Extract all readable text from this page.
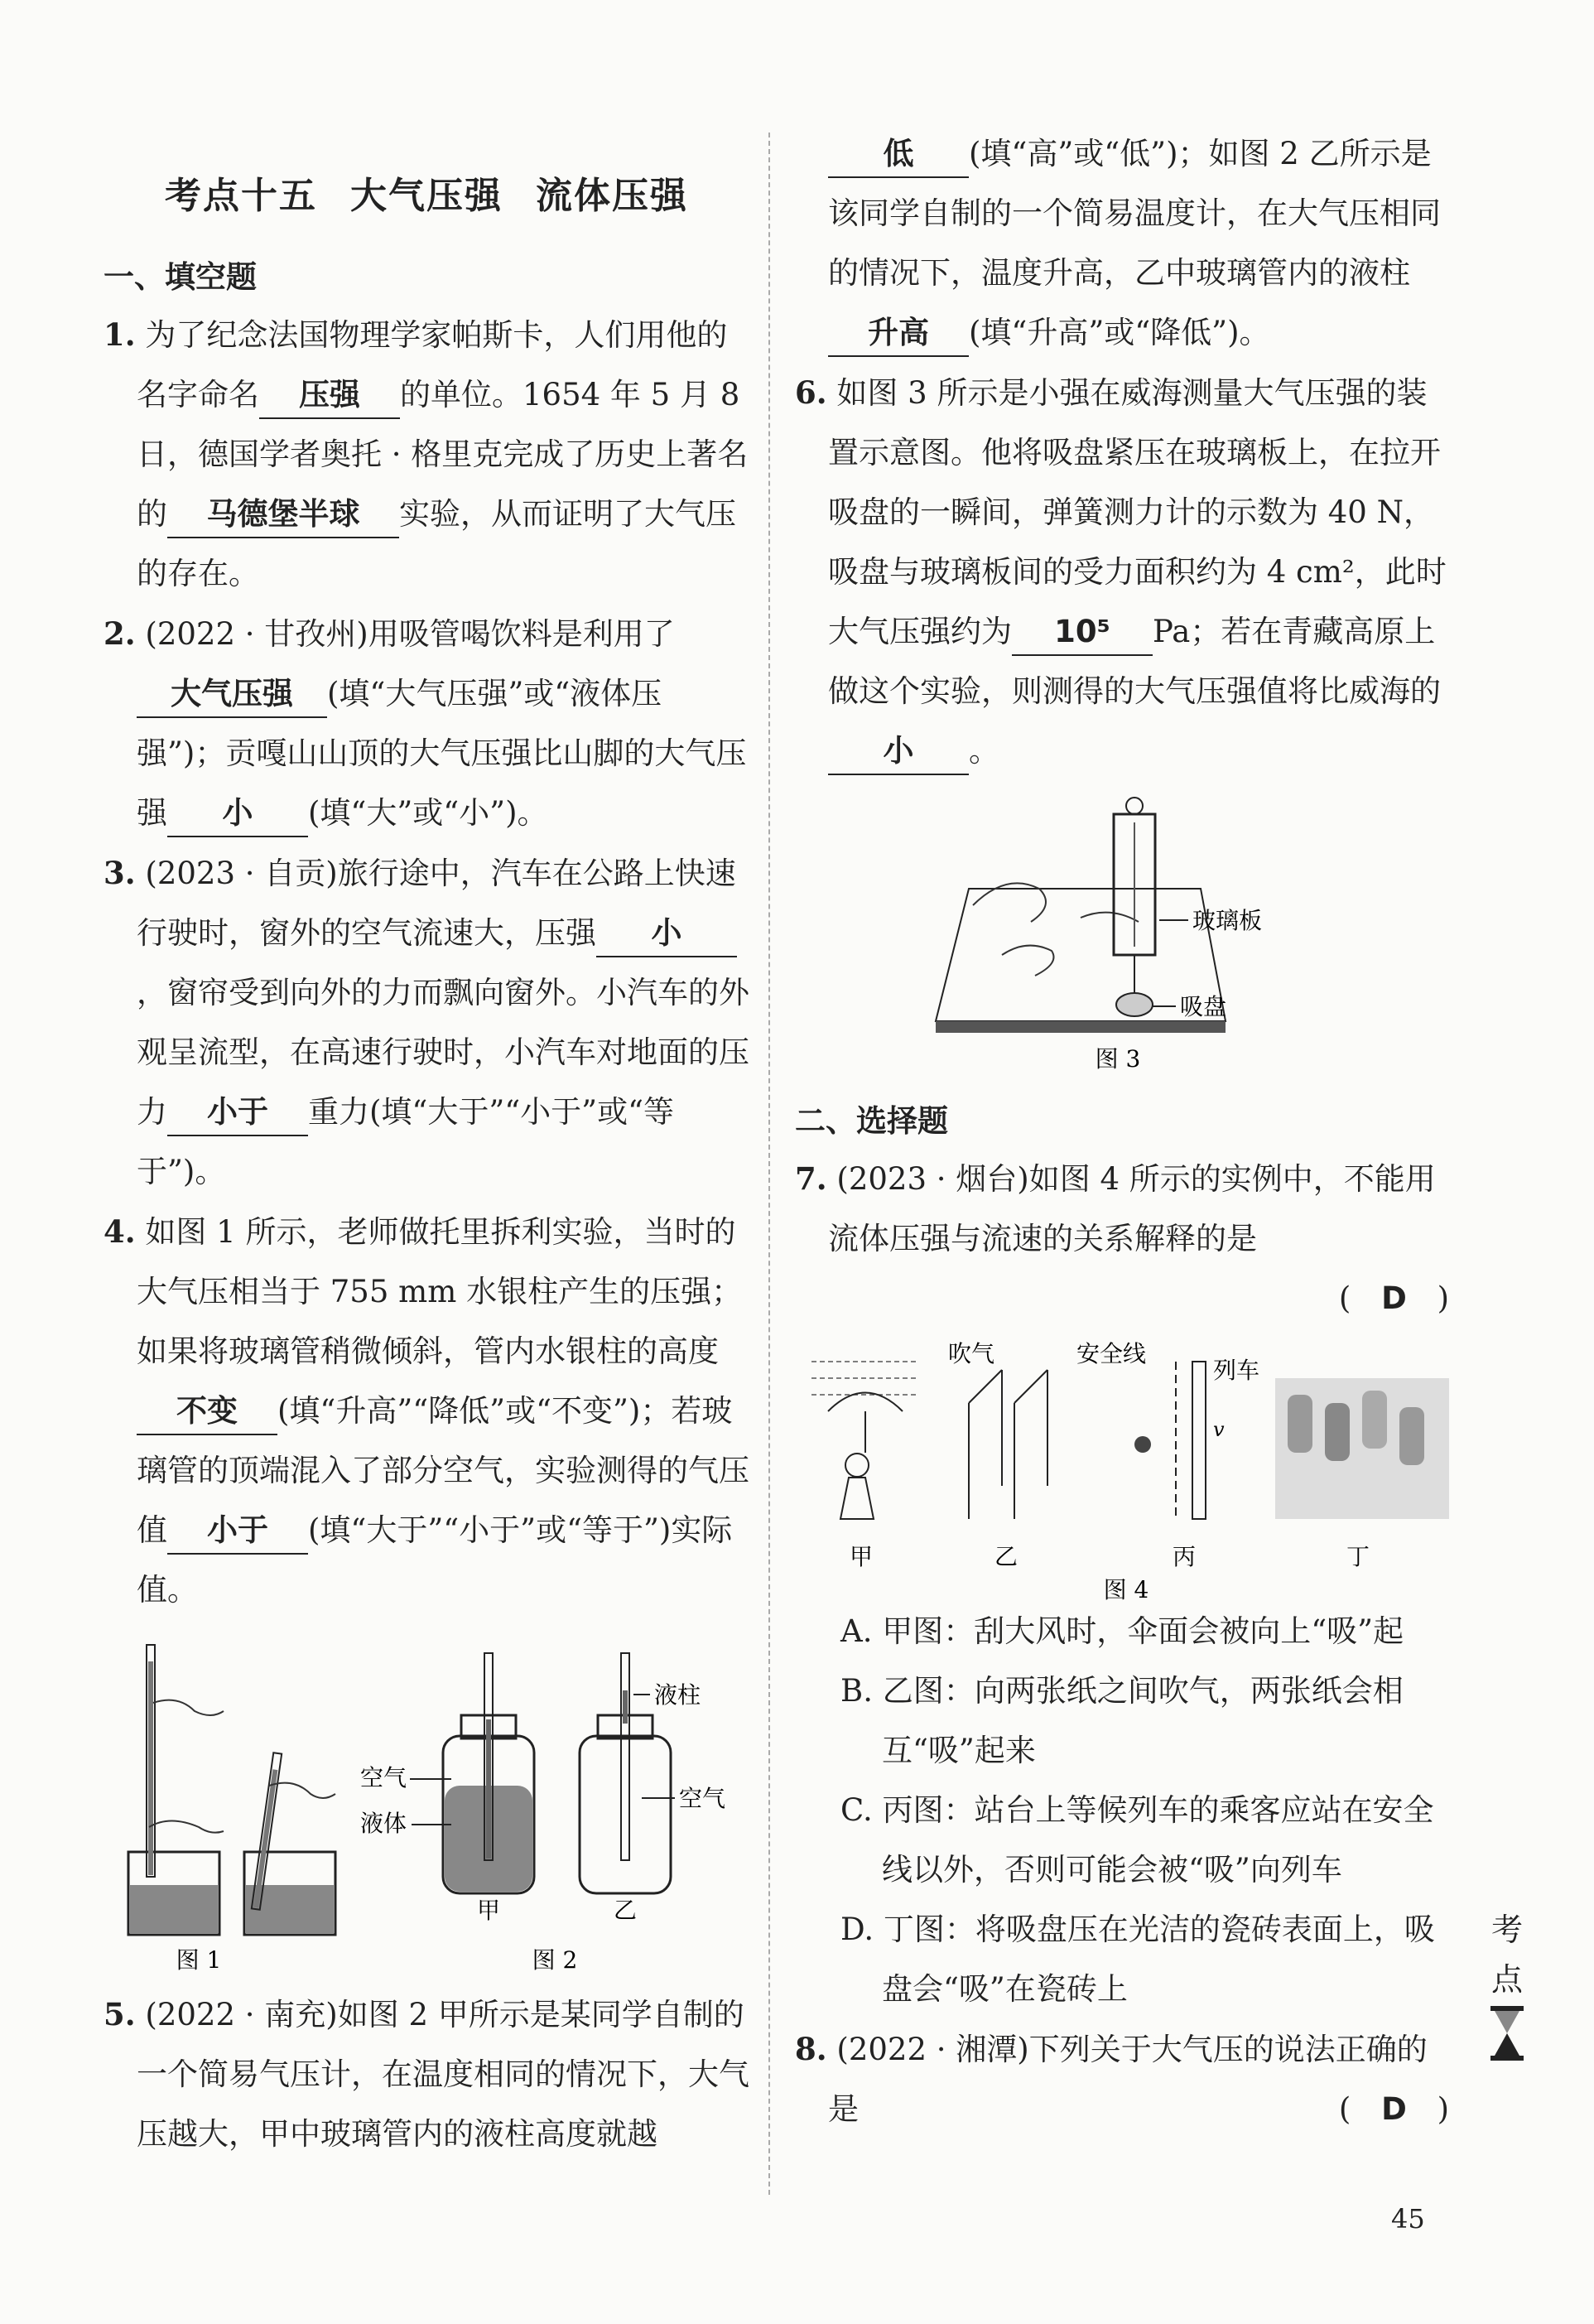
考点十五 大气压强 流体压强
一、填空题

1. 为了纪念法国物理学家帕斯卡，人们用他的名字命名 压强 的单位。1654 年 5 月 8 日，德国学者奥托 · 格里克完成了历史上著名的 马德堡半球 实验，从而证明了大气压的存在。

2. (2022 · 甘孜州)用吸管喝饮料是利用了大气压强 (填“大气压强”或“液体压强”)；贡嘎山山顶的大气压强比山脚的大气压强 小 (填“大”或“小”)。

3. (2023 · 自贡)旅行途中，汽车在公路上快速行驶时，窗外的空气流速大，压强 小，窗帘受到向外的力而飘向窗外。小汽车的外观呈流型，在高速行驶时，小汽车对地面的压力 小于 重力(填“大于”“小于”或“等于”)。

4. 如图 1 所示，老师做托里拆利实验，当时的大气压相当于 755 mm 水银柱产生的压强；如果将玻璃管稍微倾斜，管内水银柱的高度不变 (填“升高”“降低”或“不变”)；若玻璃管的顶端混入了部分空气，实验测得的气压值 小于 (填“大于”“小于”或“等于”)实际值。

图 1
空气
液体
甲
液柱
空气
乙
图 2

5. (2022 · 南充)如图 2 甲所示是某同学自制的一个简易气压计，在温度相同的情况下，大气压越大，甲中玻璃管内的液柱高度就越

低 (填“高”或“低”)；如图 2 乙所示是该同学自制的一个简易温度计，在大气压相同的情况下，温度升高，乙中玻璃管内的液柱升高 (填“升高”或“降低”)。

6. 如图 3 所示是小强在威海测量大气压强的装置示意图。他将吸盘紧压在玻璃板上，在拉开吸盘的一瞬间，弹簧测力计的示数为 40 N，吸盘与玻璃板间的受力面积约为 4 cm²，此时大气压强约为 10⁵ Pa；若在青藏高原上做这个实验，则测得的大气压强值将比威海的小 。

玻璃板
吸盘
图 3
二、选择题

7. (2023 · 烟台)如图 4 所示的实例中，不能用流体压强与流速的关系解释的是

( D )

甲
吹气
乙
安全线
列车
v
丙	丁
图 4

A. 甲图：刮大风时，伞面会被向上“吸”起

B. 乙图：向两张纸之间吹气，两张纸会相互“吸”起来

C. 丙图：站台上等候列车的乘客应站在安全线以外，否则可能会被“吸”向列车

D. 丁图：将吸盘压在光洁的瓷砖表面上，吸盘会“吸”在瓷砖上

8. (2022 · 湘潭)下列关于大气压的说法正确的是	( D )

考
点
45
